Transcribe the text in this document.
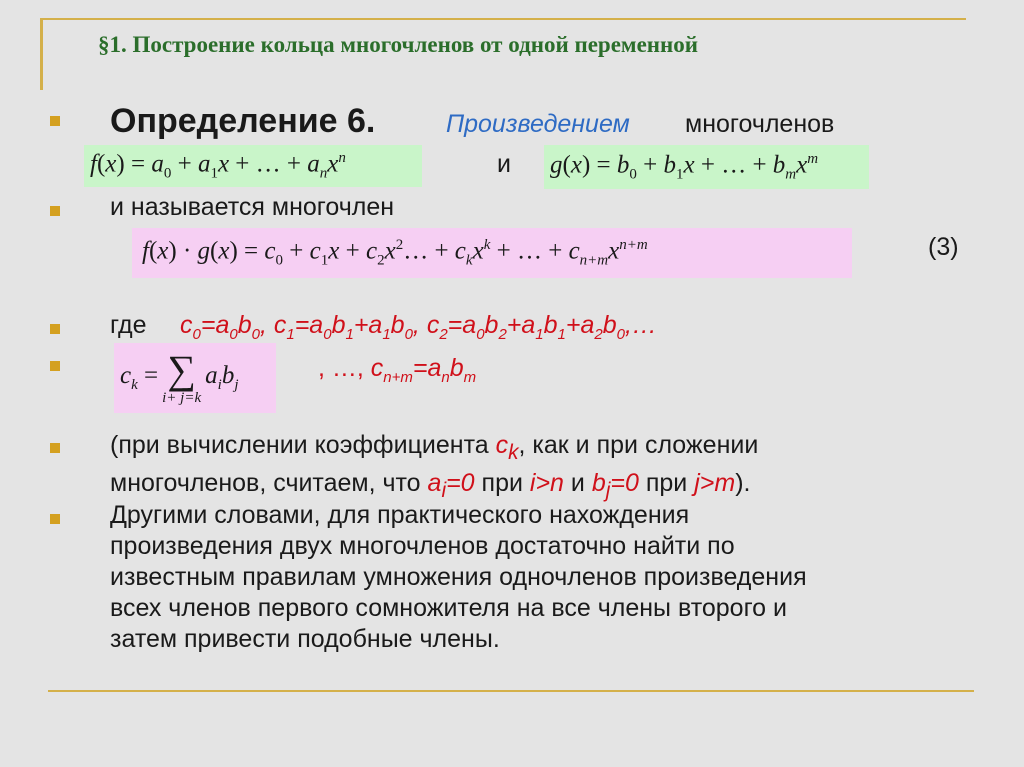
§1. Построение кольца многочленов от одной переменной
Определение 6.	Произведением многочленов
$f(x) = a_0 + a_1x$ + … + $a_nx^n$	и $g(x) = b_0 + b_1x$ + … + $b_mx^m$
и называется многочлен
$f(x) \cdot g(x) = c_0 + c_1x$ + $c_2x^2\dots + c_kx^k$ + … + $c_{n+m}x^{n+m}$	(3)
где $c_0=a_0b_0$, $c_1=a_0b_1+a_1b_0$, $c_2=a_0b_2+a_1b_1+a_2b_0,\dots$
$c_k$ = ∑
i+ j=k
$a_ib_j$
, …, $c_{n+m}=a_nb_m$
(при вычислении коэффициента $c_k$, как и при сложении
многочленов, считаем, что $a_i=0$ при i>n и $b_j=0$ при j>m).
Другими словами, для практического нахождения
произведения двух многочленов достаточно найти по
известным правилам умножения одночленов произведения
всех членов первого сомножителя на все члены второго и
затем привести подобные члены.
